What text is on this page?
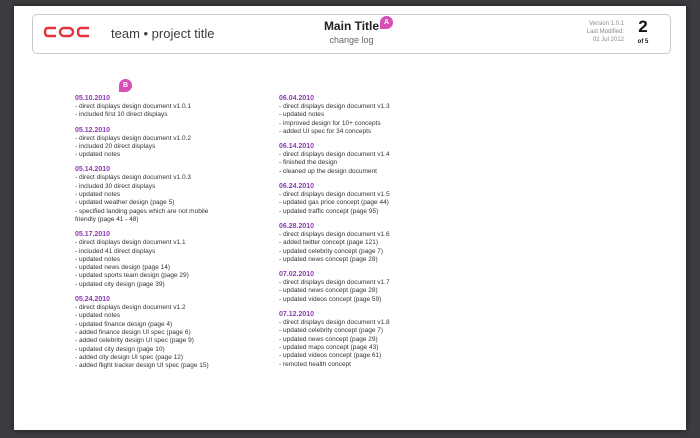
team • project title	Main Title
change log
Version 1.0.1
Last Modified:
02 Jul 2012
2
of 5
A
B
05.10.2010
- direct displays design document v1.0.1
- included first 10 direct displays
05.12.2010
- direct displays design document v1.0.2
- included 20 direct displays
- updated notes
05.14.2010
- direct displays design document v1.0.3
- included 30 direct displays
- updated notes
- updated weather design (page 5)
- specified landing pages which are not mobile
friendly (page 41 - 48)
05.17.2010
- direct displays design document v1.1
- included 41 direct displays
- updated notes
- updated news design (page 14)
- updated sports team design (page 29)
- updated city design (page 39)
05.24.2010
- direct displays design document v1.2
- updated notes
- updated finance design (page 4)
- added finance design UI spec (page 6)
- added celebrity design UI spec (page 9)
- updated city design (page 10)
- added city design UI spec (page 12)
- added flight tracker design UI spec (page 15)
06.04.2010
- direct displays design document v1.3
- updated notes
- improved design for 10+ concepts
- added UI spec for 34 concepts
06.14.2010
- direct displays design document v1.4
- finished the design
- cleaned up the design document
06.24.2010
- direct displays design document v1.5
- updated gas price concept (page 44)
- updated traffic concept (page 95)
06.28.2010
- direct displays design document v1.6
- added twitter concept (page 121)
- updated celebrity concept (page 7)
- updated news concept (page 28)
07.02.2010
- direct displays design document v1.7
- updated news concept (page 28)
- updated videos concept (page 59)
07.12.2010
- direct displays design document v1.8
- updated celebrity concept (page 7)
- updated news concept (page 29)
- updated maps concept (page 43)
- updated videos concept (page 61)
- remoted health concept
